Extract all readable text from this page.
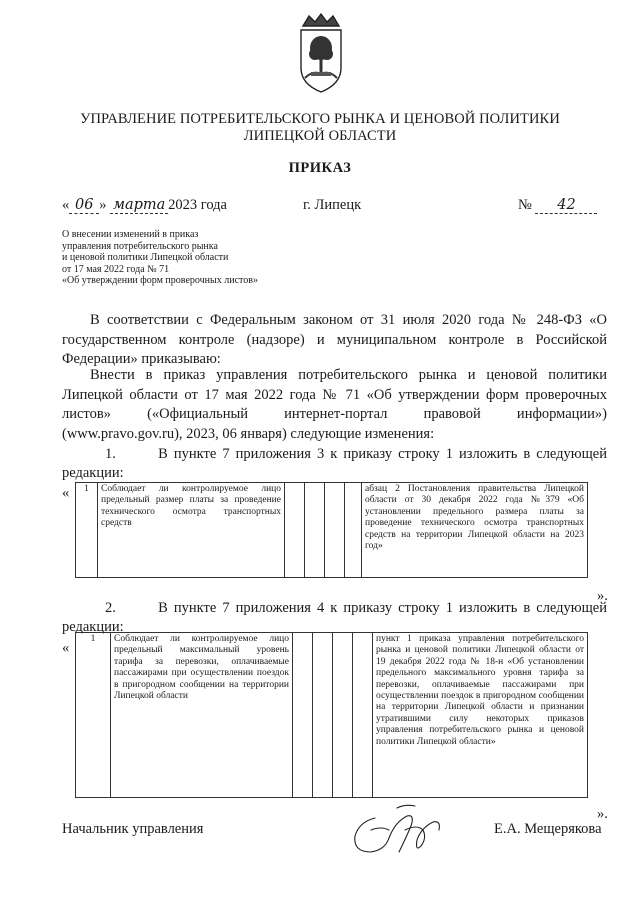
УПРАВЛЕНИЕ ПОТРЕБИТЕЛЬСКОГО РЫНКА И ЦЕНОВОЙ ПОЛИТИКИ
ЛИПЕЦКОЙ ОБЛАСТИ
ПРИКАЗ
« 06 » марта 2023 года	г. Липецк	№ 42
О внесении изменений в приказ
управления потребительского рынка
и ценовой политики Липецкой области
от 17 мая 2022 года № 71
«Об утверждении форм проверочных листов»
В соответствии с Федеральным законом от 31 июля 2020 года № 248-ФЗ «О
государственном контроле (надзоре) и муниципальном контроле в Российской
Федерации» приказываю:
Внести в приказ управления потребительского рынка и ценовой политики
Липецкой области от 17 мая 2022 года № 71 «Об утверждении форм проверочных
листов» («Официальный интернет-портал правовой информации»)
(www.pravo.gov.ru), 2023, 06 января) следующие изменения:
1.       В пункте 7 приложения 3 к приказу строку 1 изложить в следующей
редакции:
« 1	Соблюдает ли контролируемое лицо предельный размер платы за проведение технического осмотра транспортных средств					абзац 2 Постановления правительства Липецкой области от 30 декабря 2022 года №379 «Об установлении предельного размера платы за проведение технического осмотра транспортных средств на территории Липецкой области на 2023 год»
».
2.       В пункте 7 приложения 4 к приказу строку 1 изложить в следующей
редакции:
«
1	Соблюдает ли контролируемое лицо предельный максимальный уровень тарифа за перевозки, оплачиваемые пассажирами при осуществлении поездок в пригородном сообщении на территории Липецкой области					пункт 1 приказа управления потребительского рынка и ценовой политики Липецкой области от 19 декабря 2022 года № 18-н «Об установлении предельного максимального уровня тарифа за перевозки, оплачиваемые пассажирами при осуществлении поездок в пригородном сообщении на территории Липецкой области и признании утратившими силу некоторых приказов управления потребительского рынка и ценовой политики Липецкой области»
».
Начальник управления	Е.А. Мещерякова
